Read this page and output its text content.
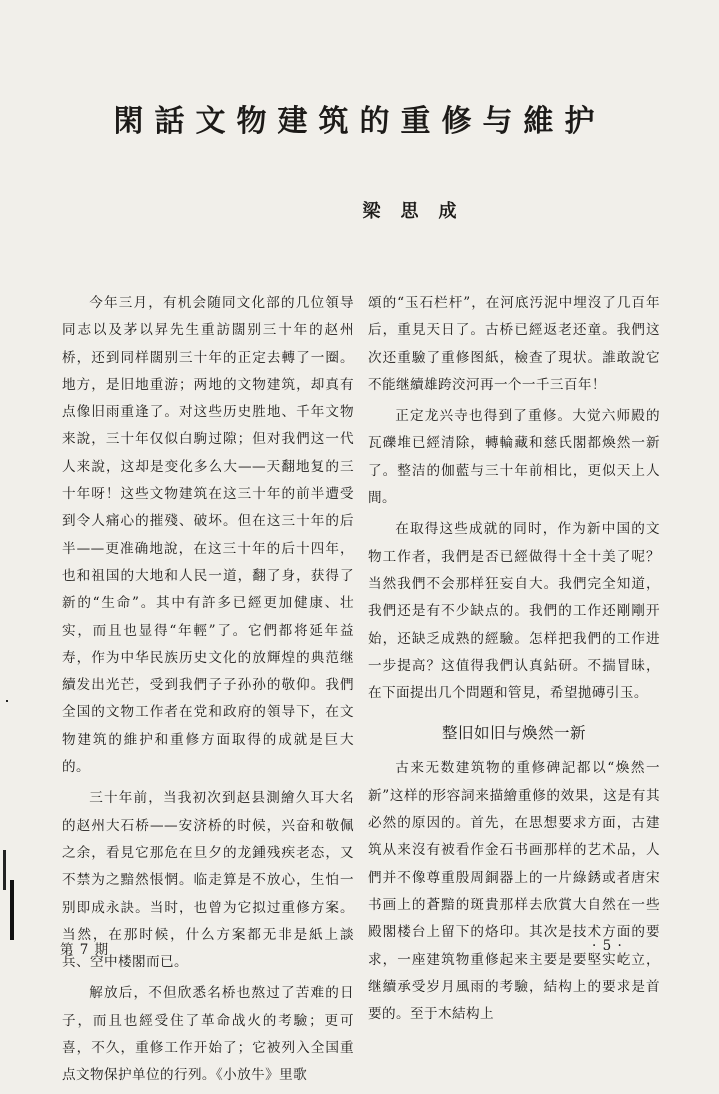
閑話文物建筑的重修与維护
梁思成

今年三月，有机会随同文化部的几位領导同志以及茅以昇先生重訪闊别三十年的赵州桥，还到同样闊别三十年的正定去轉了一圈。地方，是旧地重游；两地的文物建筑，却真有点像旧雨重逢了。对这些历史胜地、千年文物来說，三十年仅似白駒过隙；但对我們这一代人来說，这却是变化多么大——天翻地复的三十年呀！这些文物建筑在这三十年的前半遭受到令人痛心的摧殘、破坏。但在这三十年的后半——更准确地說，在这三十年的后十四年，也和祖国的大地和人民一道，翻了身，获得了新的“生命”。其中有許多已經更加健康、壮实，而且也显得“年輕”了。它們都将延年益寿，作为中华民族历史文化的放輝煌的典范继續发出光芒，受到我們子子孙孙的敬仰。我們全国的文物工作者在党和政府的領导下，在文物建筑的維护和重修方面取得的成就是巨大的。

三十年前，当我初次到赵县測繪久耳大名的赵州大石桥——安济桥的时候，兴奋和敬佩之余，看見它那危在旦夕的龙鍾残疾老态，又不禁为之黯然悵惘。临走算是不放心，生怕一别即成永訣。当时，也曾为它拟过重修方案。当然，在那时候，什么方案都无非是紙上談兵、空中楼閣而已。

解放后，不但欣悉名桥也熬过了苦难的日子，而且也經受住了革命战火的考驗；更可喜，不久，重修工作开始了；它被列入全国重点文物保护单位的行列。《小放牛》里歌

頌的“玉石栏杆”，在河底汚泥中埋沒了几百年后，重見天日了。古桥已經返老还童。我們这次还重驗了重修图紙，檢查了現状。誰敢說它不能继續雄跨洨河再一个一千三百年！

正定龙兴寺也得到了重修。大觉六师殿的瓦礫堆已經清除，轉輪藏和慈氏閣都煥然一新了。整洁的伽藍与三十年前相比，更似天上人間。

在取得这些成就的同时，作为新中国的文物工作者，我們是否已經做得十全十美了呢？当然我們不会那样狂妄自大。我們完全知道，我們还是有不少缺点的。我們的工作还剛剛开始，还缺乏成熟的經驗。怎样把我們的工作进一步提高？这值得我們认真鉆研。不揣冒昧，在下面提出几个問題和管見，希望拋磚引玉。

整旧如旧与煥然一新

古来无数建筑物的重修碑記都以“煥然一新”这样的形容詞来描繪重修的效果，这是有其必然的原因的。首先，在思想要求方面，古建筑从来沒有被看作金石书画那样的艺术品，人們并不像尊重殷周銅器上的一片綠銹或者唐宋书画上的蒼黯的斑貴那样去欣賞大自然在一些殿閣楼台上留下的烙印。其次是技术方面的要求，一座建筑物重修起来主要是要堅实屹立，继續承受岁月風雨的考驗，結构上的要求是首要的。至于木結构上

第 7 期	· 5 ·
